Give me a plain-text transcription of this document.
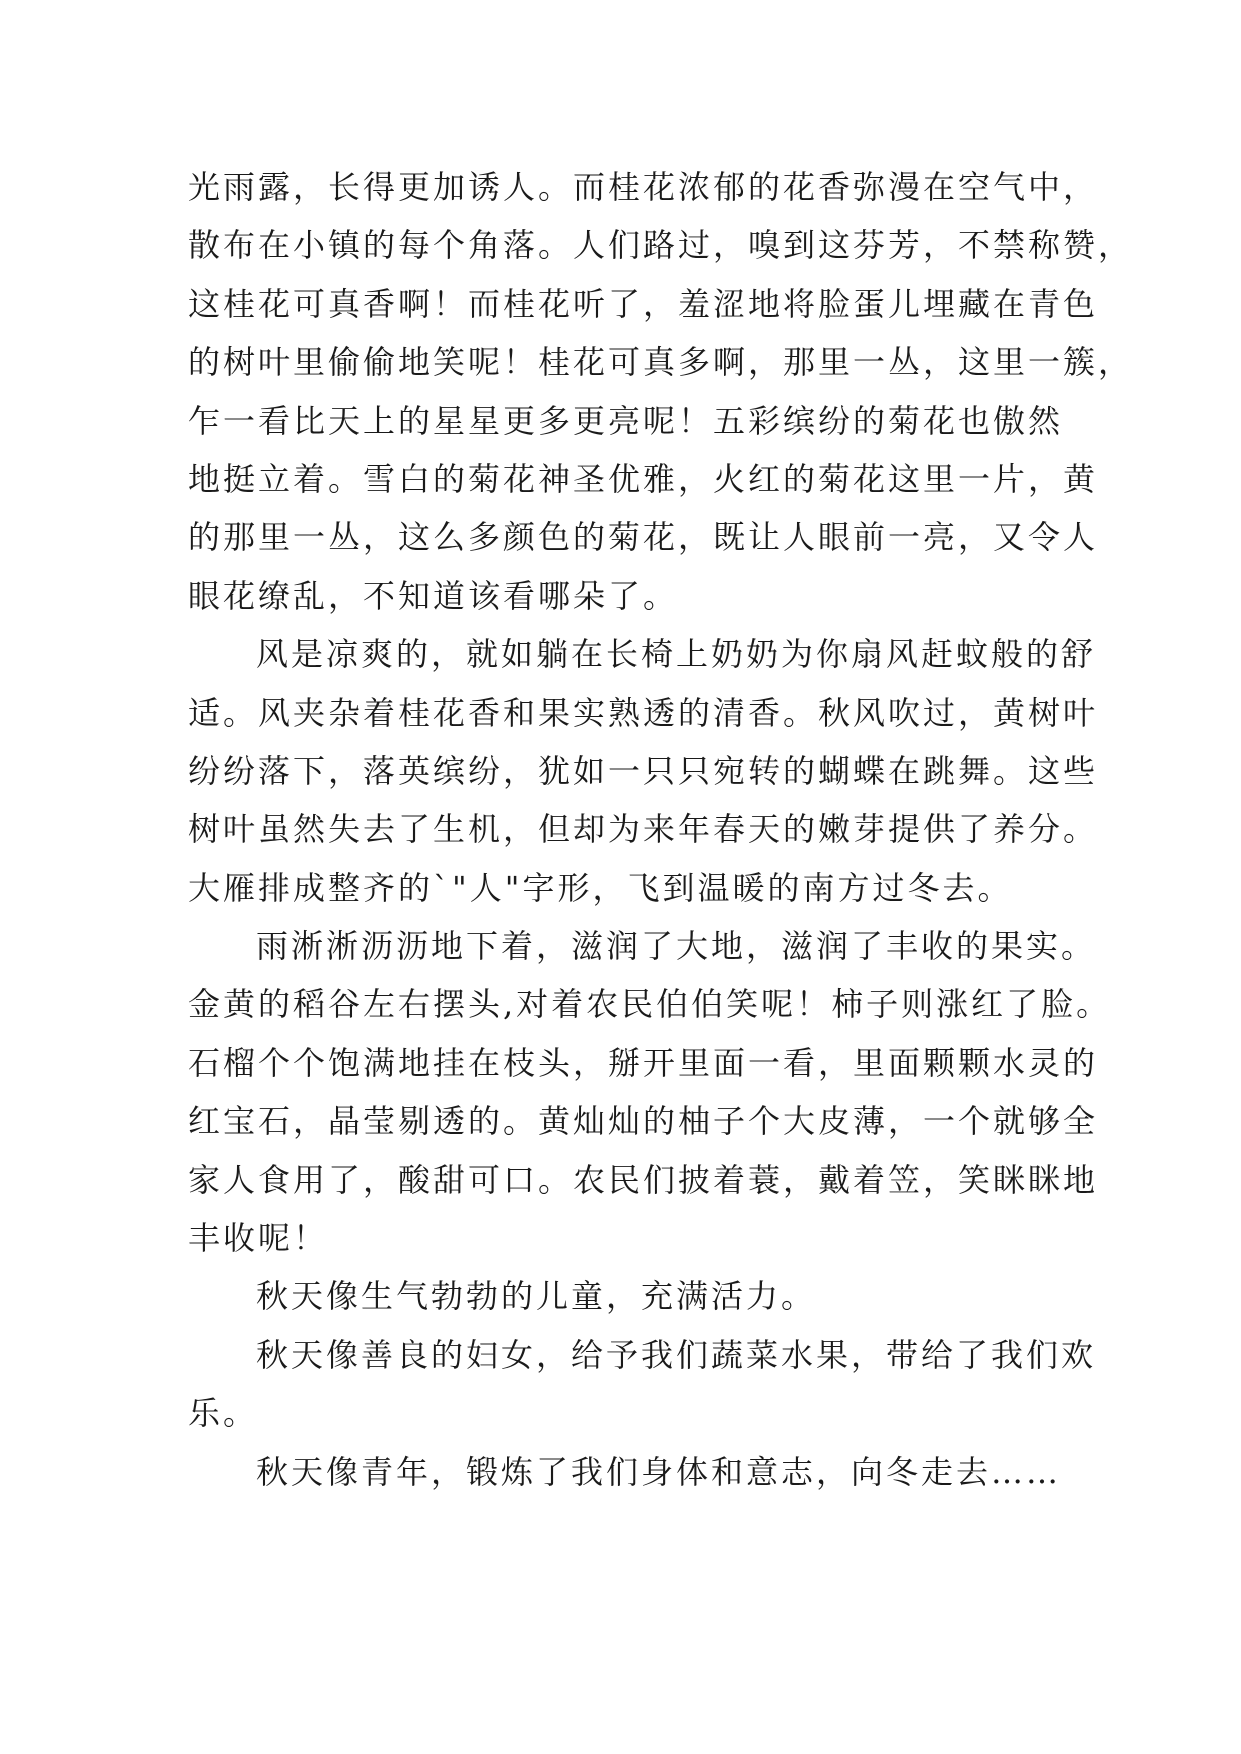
光雨露，长得更加诱人。而桂花浓郁的花香弥漫在空气中，
散布在小镇的每个角落。人们路过，嗅到这芬芳，不禁称赞，
这桂花可真香啊！而桂花听了，羞涩地将脸蛋儿埋藏在青色
的树叶里偷偷地笑呢！桂花可真多啊，那里一丛，这里一簇，
乍一看比天上的星星更多更亮呢！五彩缤纷的菊花也傲然
地挺立着。雪白的菊花神圣优雅，火红的菊花这里一片，黄
的那里一丛，这么多颜色的菊花，既让人眼前一亮，又令人
眼花缭乱，不知道该看哪朵了。
风是凉爽的，就如躺在长椅上奶奶为你扇风赶蚊般的舒
适。风夹杂着桂花香和果实熟透的清香。秋风吹过，黄树叶
纷纷落下，落英缤纷，犹如一只只宛转的蝴蝶在跳舞。这些
树叶虽然失去了生机，但却为来年春天的嫩芽提供了养分。
大雁排成整齐的`"人"字形，飞到温暖的南方过冬去。
雨淅淅沥沥地下着，滋润了大地，滋润了丰收的果实。
金黄的稻谷左右摆头,对着农民伯伯笑呢！柿子则涨红了脸。
石榴个个饱满地挂在枝头，掰开里面一看，里面颗颗水灵的
红宝石，晶莹剔透的。黄灿灿的柚子个大皮薄，一个就够全
家人食用了，酸甜可口。农民们披着蓑，戴着笠，笑眯眯地
丰收呢！
秋天像生气勃勃的儿童，充满活力。
秋天像善良的妇女，给予我们蔬菜水果，带给了我们欢
乐。
秋天像青年，锻炼了我们身体和意志，向冬走去……
